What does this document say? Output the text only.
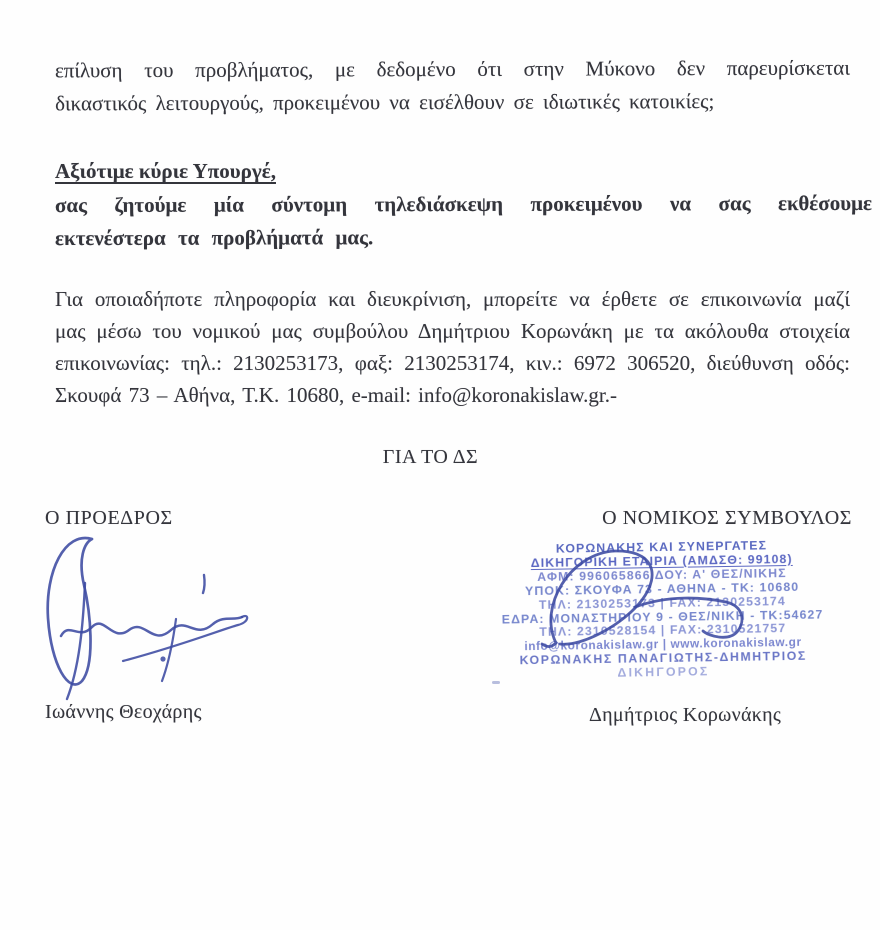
επίλυση του προβλήματος, με δεδομένο ότι στην Μύκονο δεν παρευρίσκεται
δικαστικός λειτουργούς, προκειμένου να εισέλθουν σε ιδιωτικές κατοικίες;
Αξιότιμε κύριε Υπουργέ,
σας ζητούμε μία σύντομη τηλεδιάσκεψη προκειμένου να σας εκθέσουμε
εκτενέστερα τα προβλήματά μας.
Για οποιαδήποτε πληροφορία και διευκρίνιση, μπορείτε να έρθετε σε επικοινωνία μαζί
μας μέσω του νομικού μας συμβούλου Δημήτριου Κορωνάκη με τα ακόλουθα στοιχεία
επικοινωνίας: τηλ.: 2130253173, φαξ: 2130253174, κιν.: 6972 306520, διεύθυνση οδός:
Σκουφά 73 – Αθήνα, Τ.Κ. 10680, e-mail: info@koronakislaw.gr.-
ΓΙΑ ΤΟ ΔΣ
Ο ΠΡΟΕΔΡΟΣ	Ο ΝΟΜΙΚΟΣ ΣΥΜΒΟΥΛΟΣ
ΚΟΡΩΝΑΚΗΣ ΚΑΙ ΣΥΝΕΡΓΑΤΕΣ
ΔΙΚΗΓΟΡΙΚΗ ΕΤΑΙΡΙΑ (ΑΜΔΣΘ: 99108)
ΑΦΜ: 996065866 ΔΟΥ: Α' ΘΕΣ/ΝΙΚΗΣ
ΥΠΟΚ: ΣΚΟΥΦΑ 73 - ΑΘΗΝΑ - ΤΚ: 10680
ΤΗΛ: 2130253173 | FAX: 2130253174
ΕΔΡΑ: ΜΟΝΑΣΤΗΡΙΟΥ 9 - ΘΕΣ/ΝΙΚΗ - ΤΚ:54627
ΤΗΛ: 2310528154 | FAX: 2310521757
info@koronakislaw.gr | www.koronakislaw.gr
ΚΟΡΩΝΑΚΗΣ ΠΑΝΑΓΙΩΤΗΣ-ΔΗΜΗΤΡΙΟΣ
ΔΙΚΗΓΟΡΟΣ
Ιωάννης Θεοχάρης	Δημήτριος Κορωνάκης
